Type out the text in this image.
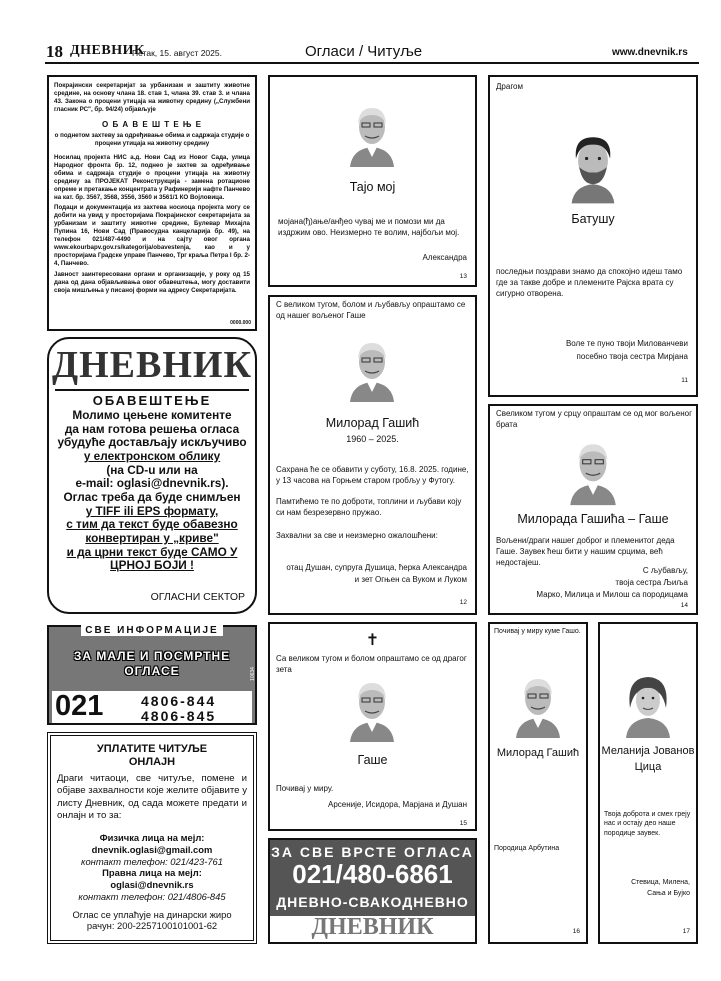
18 ДНЕВНИК
Петак, 15. август 2025.	Огласи / Читуље	www.dnevnik.rs

Покрајински секретаријат за урбанизам и заштиту животне средине, на основу члана 18. став 1, члана 39. став 3. и члана 43. Закона о процени утицаја на животну средину („Службени гласник РС", бр. 94/24) објављује

О Б А В Е Ш Т Е Њ Е
о поднетом захтеву за одређивање обима и садржаја студије о процени утицаја на животну средину

Носилац пројекта НИС а.д. Нови Сад из Новог Сада, улица Народног фронта бр. 12, поднео је захтев за одређивање обима и садржаја студије о процени утицаја на животну средину за ПРОЈЕКАТ Реконструкција - замена ротационе опреме и претакање концентрата у Рафинерији нафте Панчево на кат. бр. 3567, 3568, 3556, 3560 и 3561/1 КО Војловица.

Подаци и документација из захтева носиоца пројекта могу се добити на увид у просторијама Покрајинског секретаријата за урбанизам и заштиту животне средине, Булевар Михајла Пупина 16, Нови Сад (Правосудна канцеларија бр. 49), на телефон 021/487-4490 и на сајту овог органа www.ekourbapv.gov.rs/kategorija/obavestenja, као и у просторијама Градске управе Панчево, Трг краља Петра I бр. 2-4, Панчево.

Јавност заинтересовани органи и организације, у року од 15 дана од дана објављивања овог обавештења, могу доставити своја мишљења у писаној форми на адресу Секретаријата.

0000.000
ДНЕВНИК
ОБАВЕШТЕЊЕ
Молимо цењене комитенте
да нам готова решења огласа
убудуће достављају искључиво
у електронском облику
(на CD-u или на
e-mail: oglasi@dnevnik.rs).
Оглас треба да буде снимљен
у TIFF ili EPS формату,
с тим да текст буде обавезно
конвертиран у „криве"
и да црни текст буде САМО У
ЦРНОЈ БОЈИ !
ОГЛАСНИ СЕКТОР
СВЕ ИНФОРМАЦИЈЕ
ЗА МАЛЕ И ПОСМРТНЕ
ОГЛАСЕ	10634
021	4806-844
4806-845
УПЛАТИТЕ ЧИТУЉЕ
ОНЛАЈН
Драги читаоци, све читуље, помене и објаве захвалности које желите објавите у листу Дневник, од сада можете предати и онлајн и то за:
Физичка лица на мејл:
dnevnik.oglasi@gmail.com
контакт телефон: 021/423-761
Правна лица на мејл:
oglasi@dnevnik.rs
контакт телефон: 021/4806-845
Оглас се уплаћује на динарски жиро
рачун: 200-2257100101001-62
ЗА СВЕ ВРСТЕ ОГЛАСА
021/480-6861
ДНЕВНО-СВАКОДНЕВНО
ДНЕВНИК
Тајо мој
мојана(ђ)ање/анђео чувај ме и помози ми да издржим ово. Неизмерно те волим, најбољи мој.
Александра
13
С великом тугом, болом и љубављу опраштамо се од нашег вољеног Гаше
Милорад Гашић
1960 – 2025.
Сахрана ће се обавити у суботу, 16.8. 2025. године, у 13 часова на Горњем старом гробљу у Футогу.
Памтићемо те по доброти, топлини и љубави коју си нам безрезервно пружао.
Захвални за све и неизмерно ожалошћени:
отац Душан, супруга Душица, ћерка Александра
и зет Огњен са Вуком и Луком
12
✝
Са великом тугом и болом опраштамо се од драгог зета
Гаше
Почивај у миру.
Арсеније, Исидора, Марјана и Душан
15
Драгом
Батушу
последњи поздрави знамо да спокојно идеш тамо где за такве добре и племените Рајска врата су сигурно отворена.
Воле те пуно твоји Милованчеви
посебно твоја сестра Мирјана
11
Свеликом тугом у срцу опраштам се од мог вољеног брата
Милорада Гашића – Гаше
Вољени/драги нашег доброг и племенитог деда Гаше. Заувек ћеш бити у нашим срцима, већ недостајеш.
С љубављу,
твоја сестра Љиља
Марко, Милица и Милош са породицама
14
Почивај у миру куме Гашо.
Милорад Гашић
Породица Арбутина
16
Меланија Јованов
Цица
Твоја доброта и смех греју нас и остају део наше породице заувек.
Стевица, Милена,
Сања и Бујко
17
